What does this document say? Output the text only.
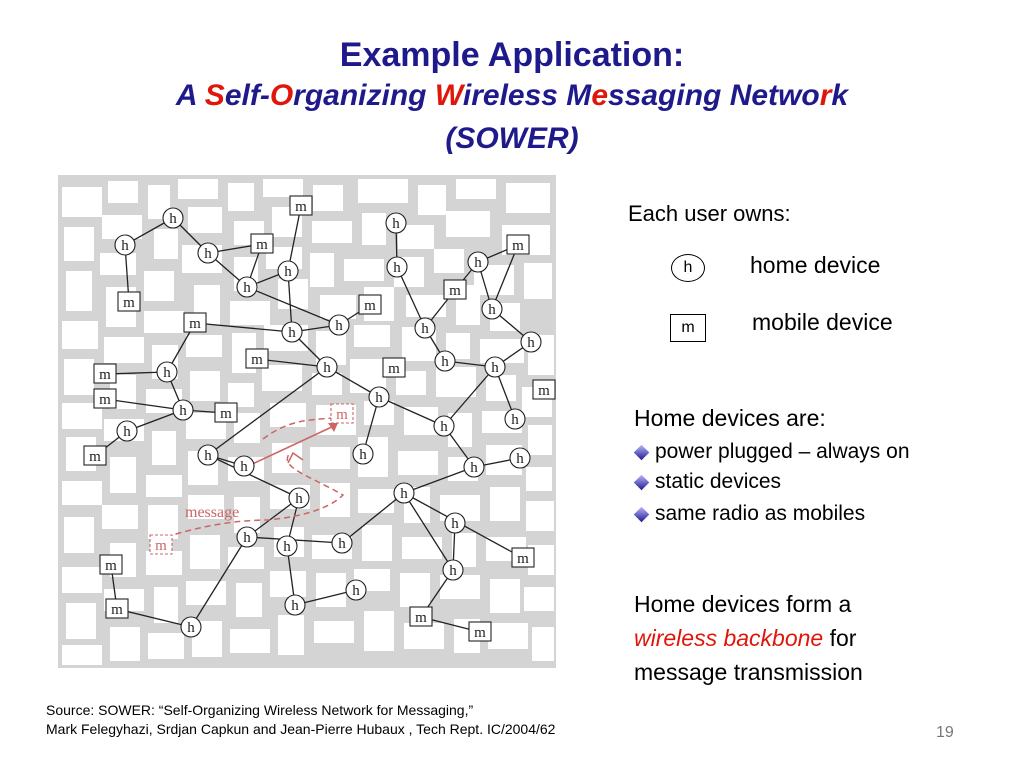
Example Application:
A Self-Organizing Wireless Messaging Network
(SOWER)
message
m
h
h	m
h
h
h
m
h
m
h	h
m
h
m
m
h
h	h
h
m	h	h
h	m
h
m
m
m
h
h m	h
h	h
h
m	h
h	h
h
h
h
h
h
h	h
m	m
h
h
h
m	m
h	m
m
m
Each user owns:
h	home device
m	mobile device
Home devices are:
power plugged – always on
static devices
same radio as mobiles
Home devices form a
wireless backbone for
message transmission
Source: SOWER: “Self-Organizing Wireless Network for Messaging,”
Mark Felegyhazi, Srdjan Capkun and Jean-Pierre Hubaux , Tech Rept. IC/2004/62	19
